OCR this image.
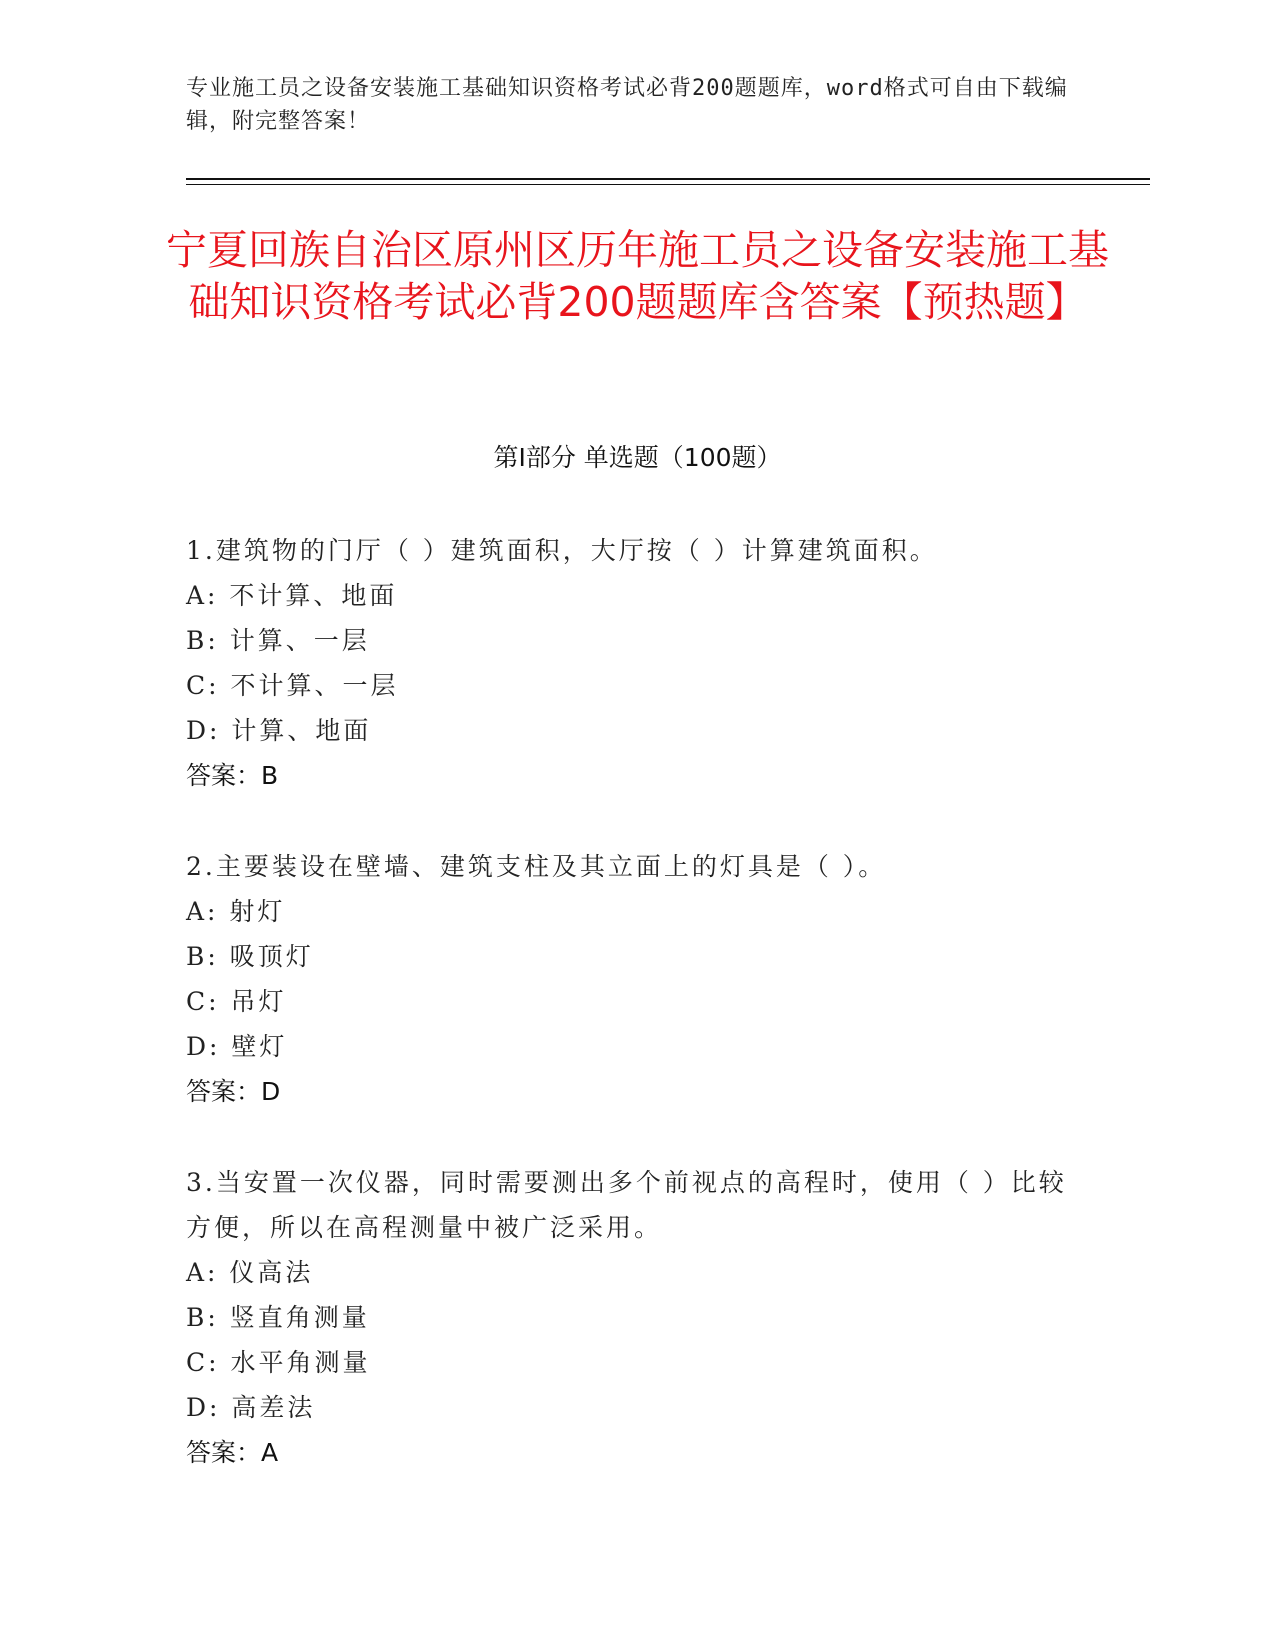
专业施工员之设备安装施工基础知识资格考试必背200题题库，word格式可自由下载编辑，附完整答案！
宁夏回族自治区原州区历年施工员之设备安装施工基础知识资格考试必背200题题库含答案【预热题】
第Ⅰ部分 单选题（100题）
1.建筑物的门厅（ ）建筑面积，大厅按（ ）计算建筑面积。
A: 不计算、地面
B: 计算、一层
C: 不计算、一层
D: 计算、地面
答案：B
2.主要装设在壁墙、建筑支柱及其立面上的灯具是（ ）。
A: 射灯
B: 吸顶灯
C: 吊灯
D: 壁灯
答案：D
3.当安置一次仪器，同时需要测出多个前视点的高程时，使用（ ）比较方便，所以在高程测量中被广泛采用。
A: 仪高法
B: 竖直角测量
C: 水平角测量
D: 高差法
答案：A
